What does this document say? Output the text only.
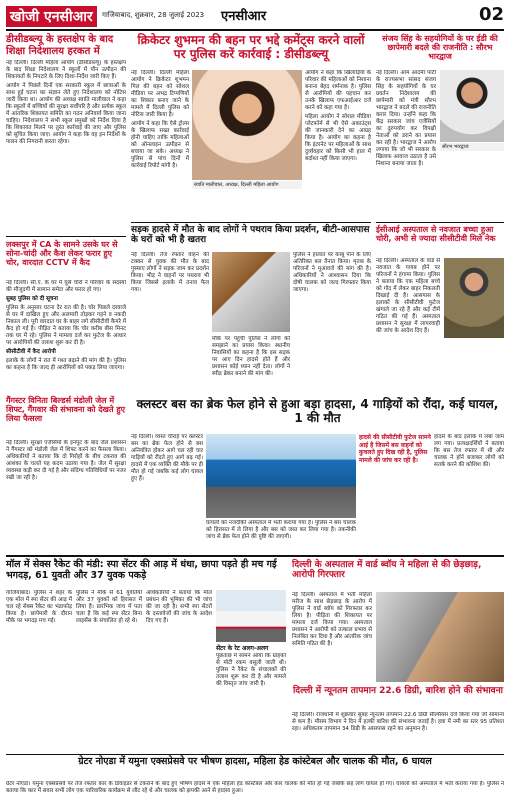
खोजी एनसीआर	गाजियाबाद, शुक्रवार, 28 जुलाई 2023 एनसीआर	02
डीसीडब्ल्यू के हस्तक्षेप के बाद शिक्षा निदेशालय हरकत में

नई दिल्ली। दिल्ली महिला आयोग (डीसीडब्ल्यू) के हस्तक्षेप के बाद शिक्षा निदेशालय ने स्कूलों में यौन उत्पीड़न की शिकायतों के निपटारे के लिए दिशा-निर्देश जारी किए हैं।

आयोग ने पिछले दिनों एक सरकारी स्कूल में छात्राओं के साथ हुई घटना का संज्ञान लेते हुए निदेशालय को नोटिस जारी किया था। आयोग की अध्यक्ष स्वाति मालीवाल ने कहा कि स्कूलों में बच्चियों की सुरक्षा सर्वोपरि है और प्रत्येक स्कूल में आंतरिक शिकायत समिति का गठन अनिवार्य किया जाना चाहिए। निदेशालय ने सभी स्कूल प्रमुखों को निर्देश दिया है कि शिकायत मिलने पर तुरंत कार्रवाई की जाए और पुलिस को सूचित किया जाए। आयोग ने कहा कि वह इन निर्देशों के पालन की निगरानी करता रहेगा।

लक्सपुर में CA के सामने उसके घर से सोना-चांदी और कैश लेकर फरार हुए चोर, वारदात CCTV में कैद

नई दिल्ली। सी.ए. के घर में घुसे चोरों ने परिवार के सदस्यों की मौजूदगी में सामान समेटा और फरार हो गए।

सुबह पुलिस को दी सूचना

पुलिस के अनुसार घटना देर रात की है। चोर पिछले दरवाजे से घर में दाखिल हुए और अलमारी तोड़कर गहने व नकदी निकाल ली। पूरी वारदात घर के बाहर लगे सीसीटीवी कैमरे में कैद हो गई है। पीड़ित ने बताया कि चोर करीब बीस मिनट तक घर में रहे। पुलिस ने मामला दर्ज कर फुटेज के आधार पर आरोपियों की तलाश शुरू कर दी है।

सीसीटीवी में कैद आरोपी

इलाके के लोगों ने रात में गश्त बढ़ाने की मांग की है। पुलिस का कहना है कि जल्द ही आरोपियों को पकड़ लिया जाएगा।

गैंगस्टर विनिता बिल्डर्स मंडोली जेल में शिफ्ट, गैंगवार की संभावना को देखते हुए लिया फैसला
नई दिल्ली। सुरक्षा एजेंसियों के इनपुट के बाद जेल प्रशासन ने गैंगस्टर को मंडोली जेल में शिफ्ट करने का फैसला किया। अधिकारियों ने बताया कि दो गिरोहों के बीच टकराव की आशंका के चलते यह कदम उठाया गया है। जेल में सुरक्षा व्यवस्था कड़ी कर दी गई है और संदिग्ध गतिविधियों पर नजर रखी जा रही है।
क्रिकेटर शुभमन की बहन पर भद्दे कमेंट्स करने वालों पर पुलिस करें कार्रवाई : डीसीडब्ल्यू

नई दिल्ली। दिल्ली महिला आयोग ने क्रिकेटर शुभमन गिल की बहन को सोशल मीडिया पर अभद्र टिप्पणियों का शिकार बनाए जाने के मामले में दिल्ली पुलिस को नोटिस जारी किया है।

आयोग ने कहा कि ऐसे ट्रोल्स के खिलाफ सख्त कार्रवाई होनी चाहिए ताकि महिलाओं को ऑनलाइन उत्पीड़न से बचाया जा सके। अध्यक्ष ने पुलिस से पांच दिनों में कार्रवाई रिपोर्ट मांगी है।

स्वाति मालीवाल, अध्यक्ष, दिल्ली महिला आयोग

आयोग ने कहा कि खिलाड़ियों के परिवार की महिलाओं को निशाना बनाना बेहद शर्मनाक है। पुलिस से आरोपियों की पहचान कर उनके खिलाफ एफआईआर दर्ज करने को कहा गया है।

महिला आयोग ने सोशल मीडिया प्लेटफॉर्म से भी ऐसे अकाउंट्स की जानकारी देने का आग्रह किया है। आयोग का कहना है कि इंटरनेट पर महिलाओं के साथ दुर्व्यवहार को किसी भी हाल में बर्दाश्त नहीं किया जाएगा।

सड़क हादसे में मौत के बाद लोगों ने पथराव किया प्रदर्शन, बीटी-आसपास के घरों को भी है खतरा
नई दिल्ली। तेज रफ्तार वाहन की टक्कर से युवक की मौत के बाद गुस्साए लोगों ने सड़क जाम कर प्रदर्शन किया। भीड़ ने वाहनों पर पथराव भी किया जिससे इलाके में तनाव फैल गया।
मौके पर पहुंची पुलिस ने लोगों को समझाने का प्रयास किया। स्थानीय निवासियों का कहना है कि इस सड़क पर आए दिन हादसे होते हैं और प्रशासन कोई ध्यान नहीं देता। लोगों ने स्पीड ब्रेकर बनाने की मांग की।
पुलिस ने हालात पर काबू पाने के लिए अतिरिक्त बल तैनात किया। मृतक के परिजनों ने मुआवजे की मांग की है। अधिकारियों ने आश्वासन दिया कि दोषी चालक को जल्द गिरफ्तार किया जाएगा।
संजय सिंह के सहयोगियों के घर ईडी की छापेमारी बदले की राजनीति : सौरभ भारद्वाज
नई दिल्ली। आम आदमी पार्टी के राज्यसभा सांसद संजय सिंह के सहयोगियों के घर प्रवर्तन निदेशालय की छापेमारी को मंत्री सौरभ भारद्वाज ने बदले की राजनीति करार दिया। उन्होंने कहा कि केंद्र सरकार जांच एजेंसियों का दुरुपयोग कर विपक्षी नेताओं को डराने का प्रयास कर रही है। भारद्वाज ने आरोप लगाया कि जो भी सरकार के खिलाफ आवाज उठाता है उसे निशाना बनाया जाता है।
सौरभ भारद्वाज
ईसीआई अस्पताल से नवजात बच्चा हुआ चोरी, अभी से ज्यादा सीसीटीवी मिले नेक
नई दिल्ली। अस्पताल के वार्ड से नवजात के गायब होने पर परिजनों ने हंगामा किया। पुलिस ने बताया कि एक महिला बच्चे को गोद में लेकर बाहर निकलती दिखाई दी है। आसपास के इलाकों के सीसीटीवी फुटेज खंगाले जा रहे हैं और कई टीमें गठित की गई हैं। अस्पताल प्रशासन ने सुरक्षा में लापरवाही की जांच के आदेश दिए हैं।
क्लस्टर बस का ब्रेक फेल होने से हुआ बड़ा हादसा, 4 गाड़ियों को रौंदा, कई घायल, 1 की मौत
नई दिल्ली। व्यस्त चौराहे पर क्लस्टर बस का ब्रेक फेल होने से बस अनियंत्रित होकर आगे चल रही चार गाड़ियों को रौंदते हुए आगे बढ़ गई। हादसे में एक व्यक्ति की मौके पर ही मौत हो गई जबकि कई लोग घायल हुए हैं।
घायलों को नजदीकी अस्पताल में भर्ती कराया गया है। पुलिस ने बस चालक को हिरासत में ले लिया है और बस को जब्त कर लिया गया है। तकनीकी जांच से ब्रेक फेल होने की पुष्टि की जाएगी।
हादसे की सीसीटीवी फुटेज सामने आई है जिसमें बस वाहनों को कुचलते हुए दिख रही है, पुलिस मामले की जांच कर रही है।
हादसे के बाद इलाके में लंबा जाम लग गया। प्रत्यक्षदर्शियों ने बताया कि बस तेज रफ्तार में थी और चालक ने हॉर्न बजाकर लोगों को सतर्क करने की कोशिश की।
मॉल में सेक्स रैकेट की मंडी: स्पा सेंटर की आड़ में धंधा, छापा पड़ते ही मच गई भगदड़, 61 युवती और 37 युवक पकड़े
गाजियाबाद। पुलिस ने शहर के एक मॉल में स्पा सेंटर की आड़ में चल रहे सेक्स रैकेट का भंडाफोड़ किया है। छापेमारी के दौरान मौके पर भगदड़ मच गई।
पुलिस ने मौके से 61 युवतियों और 37 युवकों को हिरासत में लिया है। प्रारंभिक जांच में पता चला है कि कई स्पा सेंटर बिना लाइसेंस के संचालित हो रहे थे।
अधिकारियों ने बताया कि मॉल प्रबंधन की भूमिका की भी जांच की जा रही है। सभी स्पा सेंटरों के दस्तावेजों की जांच के आदेश दिए गए हैं।
सेंटर के रेट अलग-अलग
पूछताछ में सामने आया कि ग्राहकों से मोटी रकम वसूली जाती थी। पुलिस ने रैकेट के संचालकों की तलाश शुरू कर दी है और मामले की विस्तृत जांच जारी है।
दिल्ली के अस्पताल में वार्ड ब्वॉय ने महिला से की छेड़छाड़, आरोपी गिरफ्तार
नई दिल्ली। अस्पताल में भर्ती महिला मरीज के साथ छेड़छाड़ के आरोप में पुलिस ने वार्ड ब्वॉय को गिरफ्तार कर लिया है। पीड़िता की शिकायत पर मामला दर्ज किया गया। अस्पताल प्रशासन ने आरोपी को तत्काल प्रभाव से निलंबित कर दिया है और आंतरिक जांच समिति गठित की है।
दिल्ली में न्यूनतम तापमान 22.6 डिग्री, बारिश होने की संभावना
नई दिल्ली। राजधानी में शुक्रवार सुबह न्यूनतम तापमान 22.6 डिग्री सेल्सियस दर्ज किया गया जो सामान्य से कम है। मौसम विभाग ने दिन में हल्की बारिश की संभावना जताई है। हवा में नमी का स्तर 95 प्रतिशत रहा। अधिकतम तापमान 34 डिग्री के आसपास रहने का अनुमान है।
ग्रेटर नोएडा में यमुना एक्सप्रेसवे पर भीषण हादसा, महिला हेड कांस्टेबल और चालक की मौत, 6 घायल
ग्रेटर नोएडा। यमुना एक्सप्रेसवे पर तेज रफ्तार कार के डिवाइडर से टकराने के बाद हुए भीषण हादसे में एक महिला हेड कांस्टेबल और कार चालक की मौत हो गई जबकि छह लोग घायल हो गए। घायलों को अस्पताल में भर्ती कराया गया है। पुलिस ने बताया कि कार में सवार सभी लोग एक पारिवारिक कार्यक्रम से लौट रहे थे और चालक को झपकी आने से हादसा हुआ।
